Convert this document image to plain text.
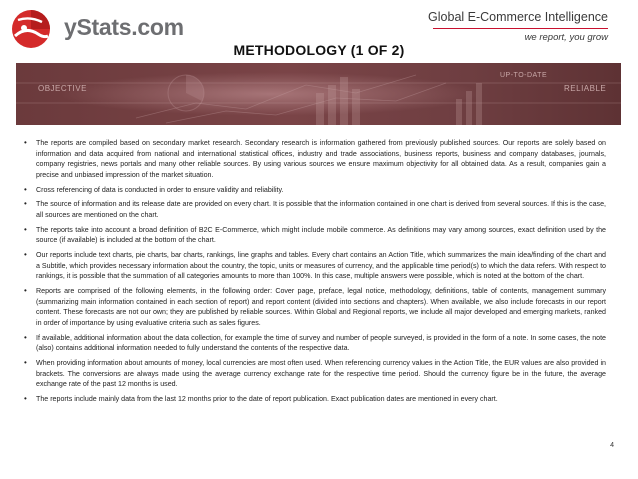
yStats.com	Global E-Commerce Intelligence
we report, you grow
METHODOLOGY (1 OF 2)
OBJECTIVE
UP-TO-DATE
RELIABLE
• The reports are compiled based on secondary market research. Secondary research is information gathered from previously published sources. Our reports are solely based on information and data acquired from national and international statistical offices, industry and trade associations, business reports, business and company databases, journals, company registries, news portals and many other reliable sources. By using various sources we ensure maximum objectivity for all obtained data. As a result, companies gain a precise and unbiased impression of the market situation.
• Cross referencing of data is conducted in order to ensure validity and reliability.
• The source of information and its release date are provided on every chart. It is possible that the information contained in one chart is derived from several sources. If this is the case, all sources are mentioned on the chart.
• The reports take into account a broad definition of B2C E-Commerce, which might include mobile commerce. As definitions may vary among sources, exact definition used by the source (if available) is included at the bottom of the chart.
• Our reports include text charts, pie charts, bar charts, rankings, line graphs and tables. Every chart contains an Action Title, which summarizes the main idea/finding of the chart and a Subtitle, which provides necessary information about the country, the topic, units or measures of currency, and the applicable time period(s) to which the data refers. With respect to rankings, it is possible that the summation of all categories amounts to more than 100%. In this case, multiple answers were possible, which is noted at the bottom of the chart.
• Reports are comprised of the following elements, in the following order: Cover page, preface, legal notice, methodology, definitions, table of contents, management summary (summarizing main information contained in each section of report) and report content (divided into sections and chapters). When available, we also include forecasts in our report content. These forecasts are not our own; they are published by reliable sources. Within Global and Regional reports, we include all major developed and emerging markets, ranked in order of importance by using evaluative criteria such as sales figures.
• If available, additional information about the data collection, for example the time of survey and number of people surveyed, is provided in the form of a note. In some cases, the note (also) contains additional information needed to fully understand the contents of the respective data.
• When providing information about amounts of money, local currencies are most often used. When referencing currency values in the Action Title, the EUR values are also provided in brackets. The conversions are always made using the average currency exchange rate for the respective time period. Should the currency figure be in the future, the average exchange rate of the past 12 months is used.
• The reports include mainly data from the last 12 months prior to the date of report publication. Exact publication dates are mentioned in every chart.
4
